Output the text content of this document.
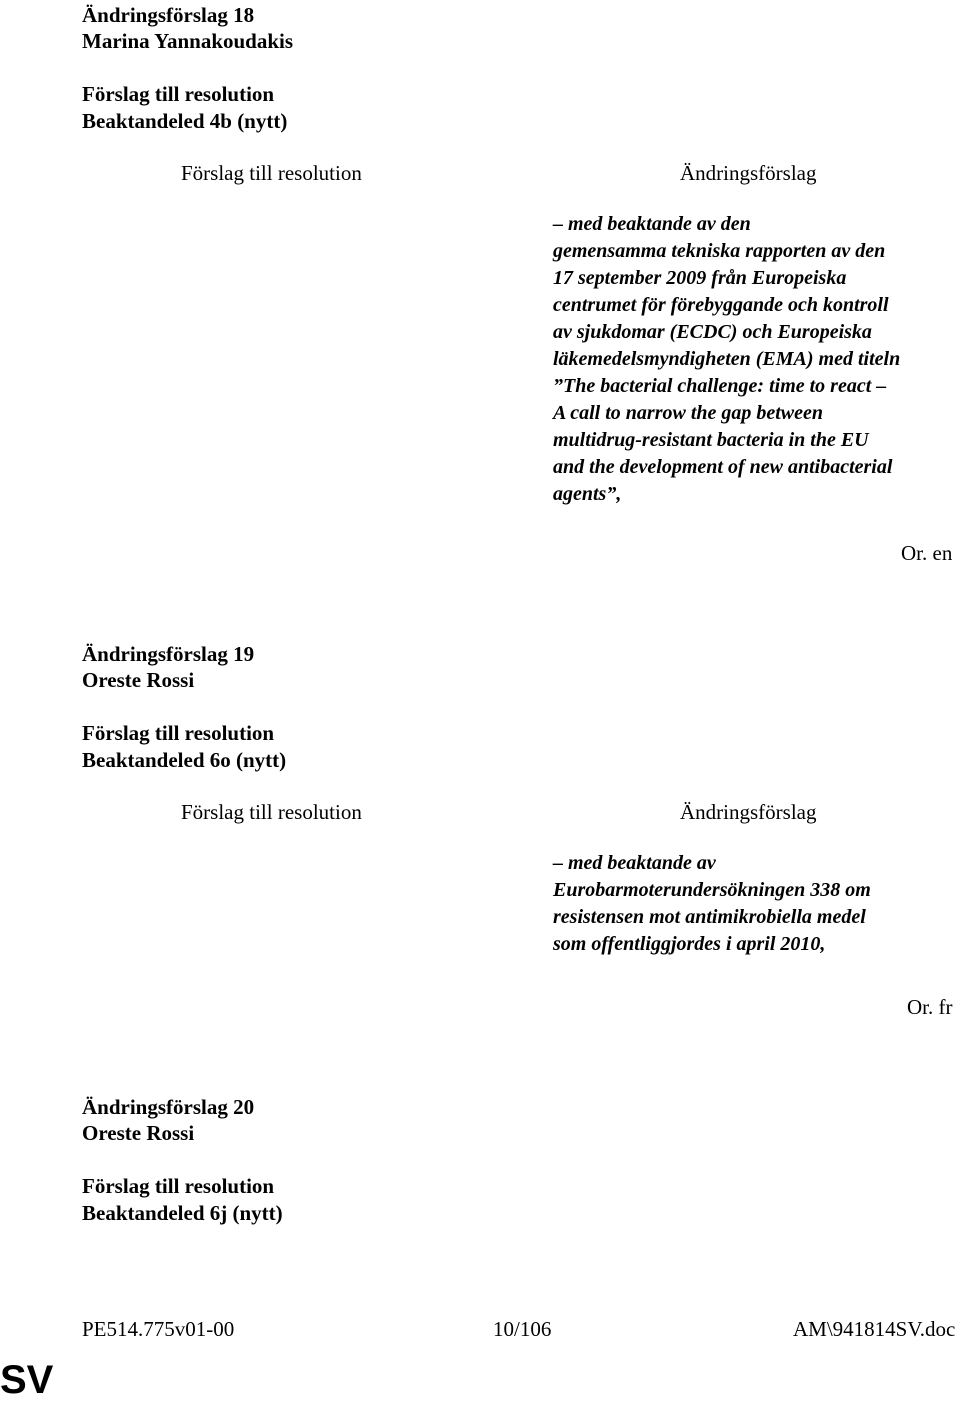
Ändringsförslag 18
Marina Yannakoudakis
Förslag till resolution
Beaktandeled 4b (nytt)
Förslag till resolution	Ändringsförslag
– med beaktande av den
gemensamma tekniska rapporten av den
17 september 2009 från Europeiska
centrumet för förebyggande och kontroll
av sjukdomar (ECDC) och Europeiska
läkemedelsmyndigheten (EMA) med titeln
”The bacterial challenge: time to react –
A call to narrow the gap between
multidrug-resistant bacteria in the EU
and the development of new antibacterial
agents”,
Or. en
Ändringsförslag 19
Oreste Rossi
Förslag till resolution
Beaktandeled 6o (nytt)
Förslag till resolution	Ändringsförslag
– med beaktande av
Eurobarmoterundersökningen 338 om
resistensen mot antimikrobiella medel
som offentliggjordes i april 2010,
Or. fr
Ändringsförslag 20
Oreste Rossi
Förslag till resolution
Beaktandeled 6j (nytt)
PE514.775v01-00	10/106	AM\941814SV.doc
SV
